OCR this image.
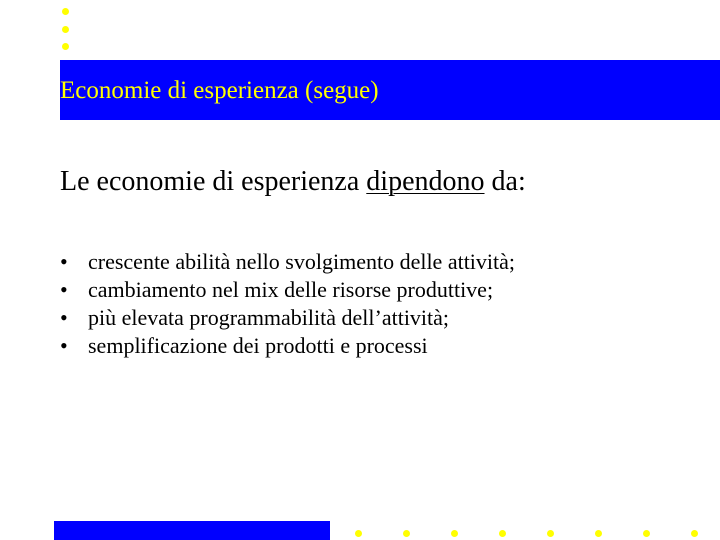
Economie di esperienza (segue)
Le economie di esperienza dipendono da:
• crescente abilità nello svolgimento delle attività;
• cambiamento nel mix delle risorse produttive;
• più elevata programmabilità dell’attività;
• semplificazione dei prodotti e processi
